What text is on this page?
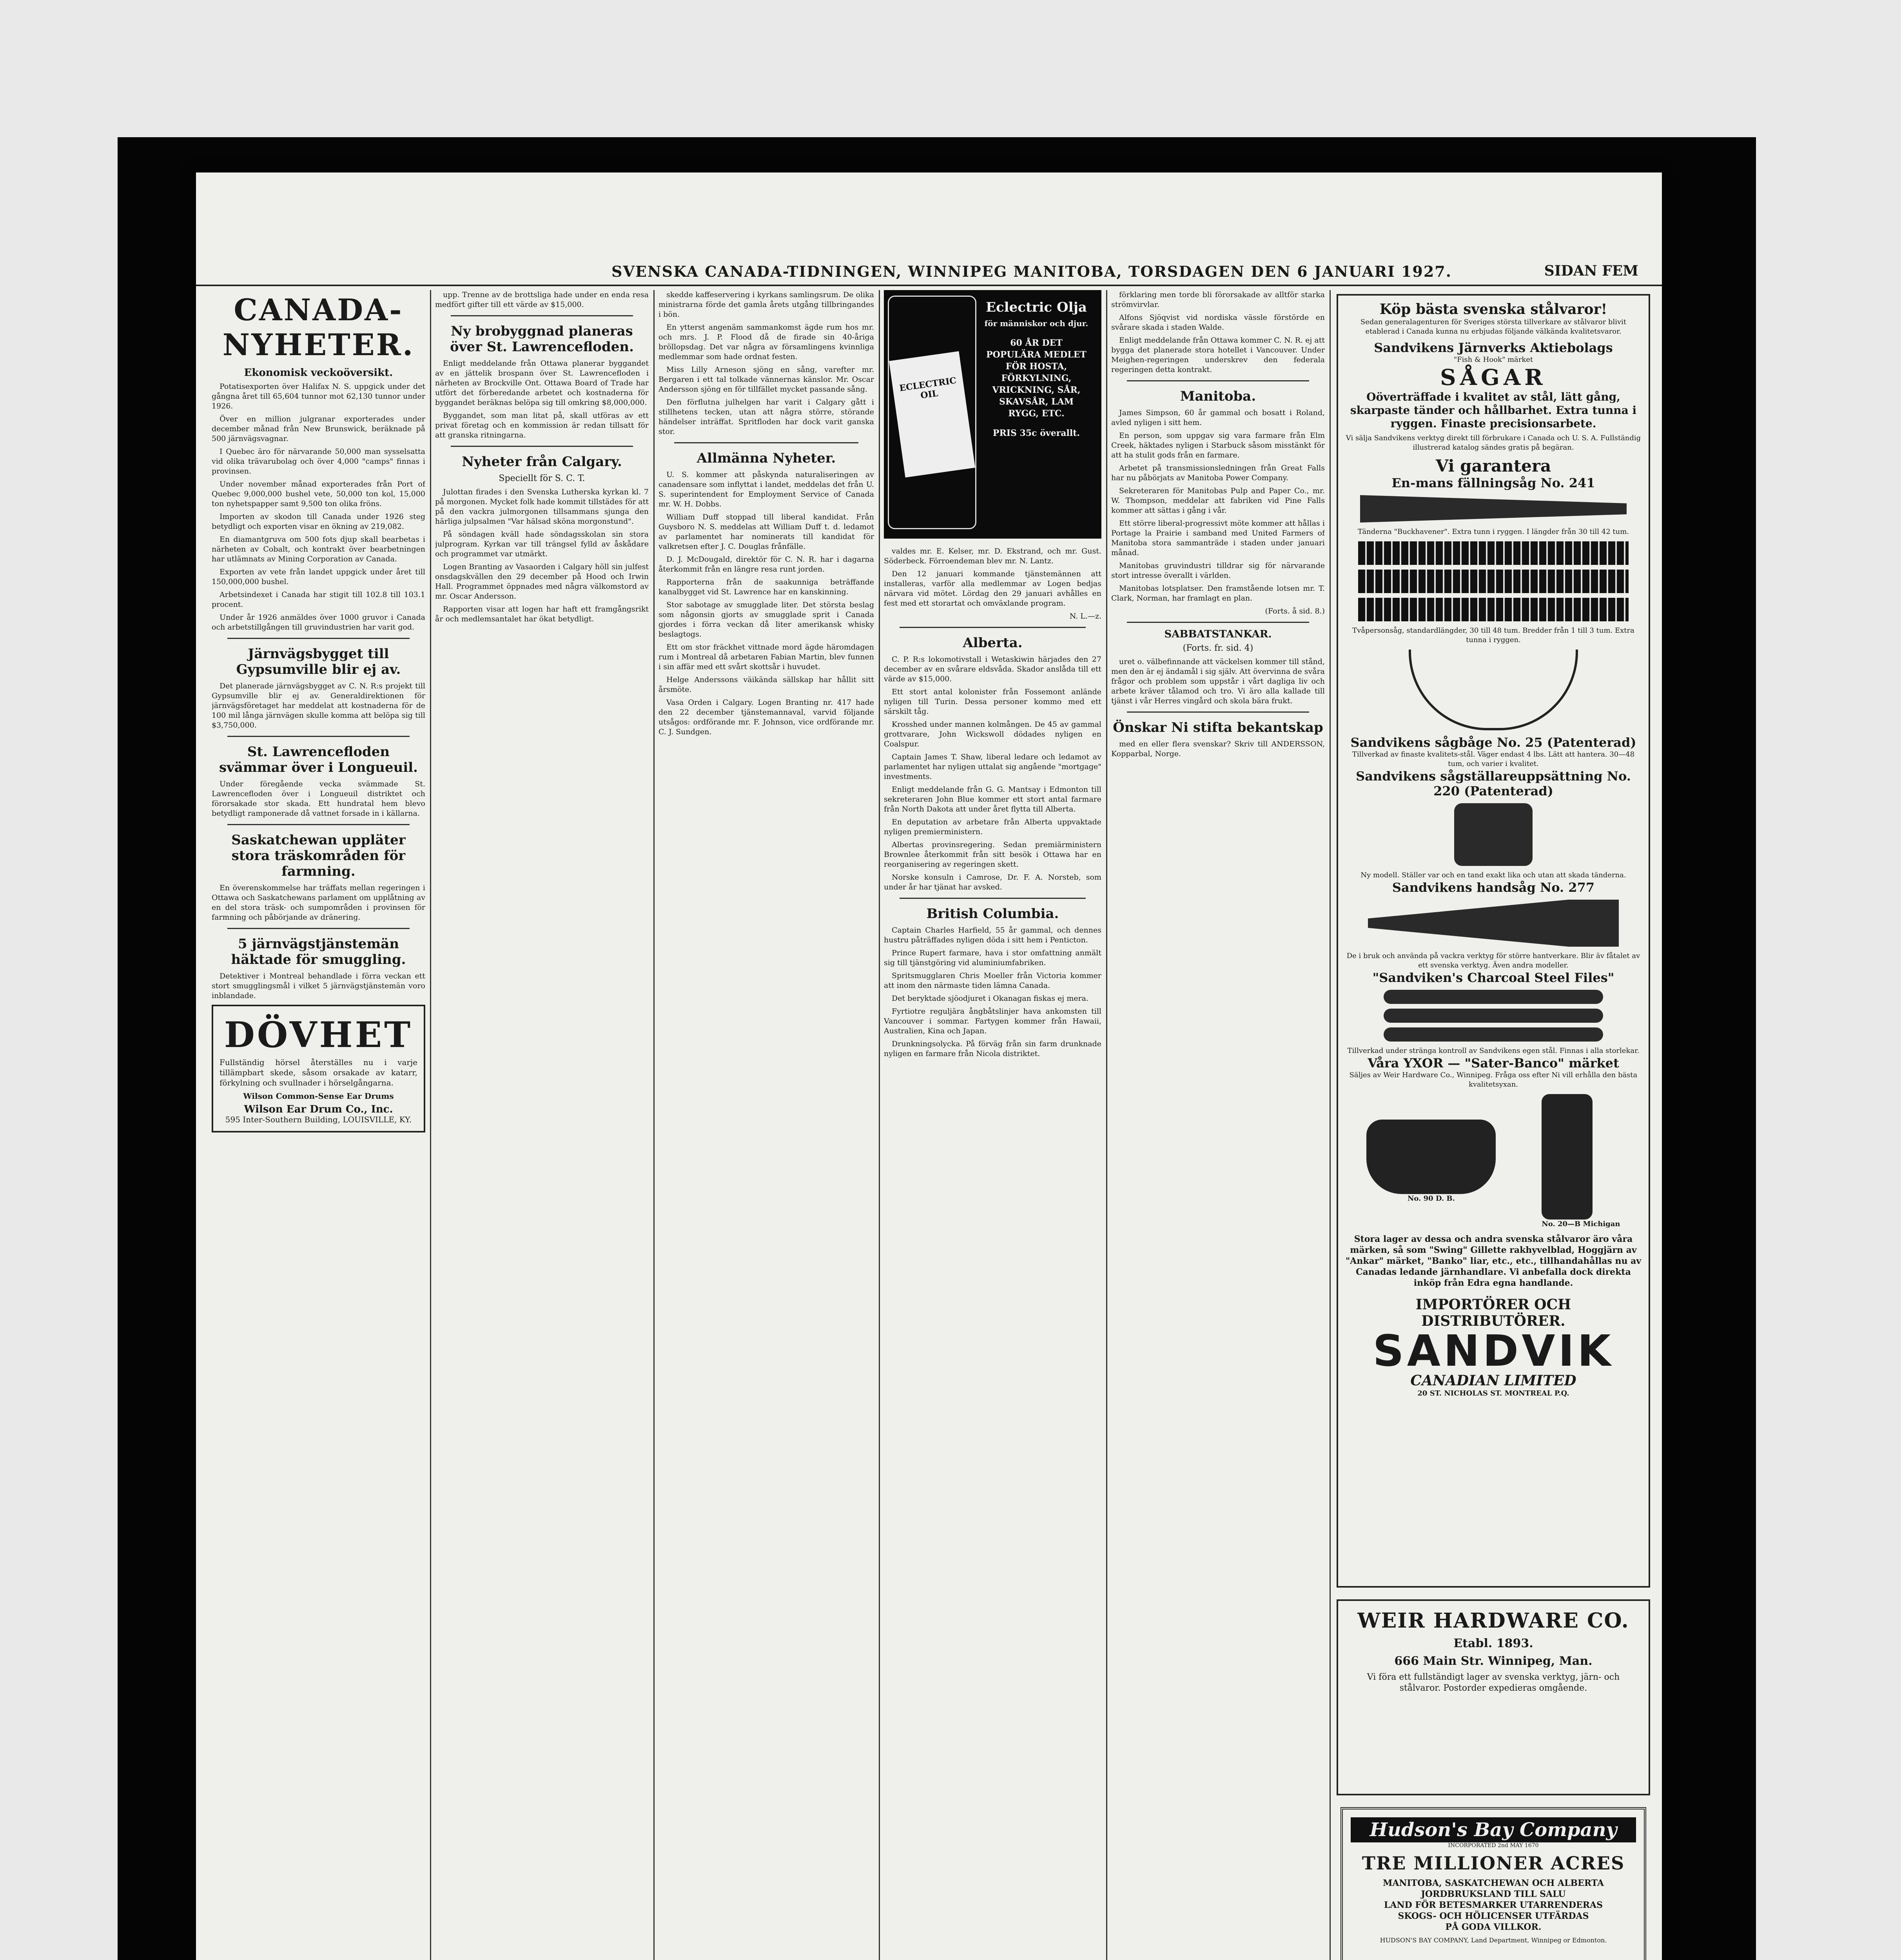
SVENSKA CANADA-TIDNINGEN, WINNIPEG MANITOBA, TORSDAGEN DEN 6 JANUARI 1927.	SIDAN FEM
CANADA-NYHETER.
Ekonomisk veckoöversikt.

Potatisexporten över Halifax N. S. uppgick under det gångna året till 65,604 tunnor mot 62,130 tunnor under 1926.

Över en million julgranar exporterades under december månad från New Brunswick, beräknade på 500 järnvägsvagnar.

I Quebec äro för närvarande 50,000 man sysselsatta vid olika trävarubolag och över 4,000 "camps" finnas i provinsen.

Under november månad exporterades från Port of Quebec 9,000,000 bushel vete, 50,000 ton kol, 15,000 ton nyhetspapper samt 9,500 ton olika fröns.

Importen av skodon till Canada under 1926 steg betydligt och exporten visar en ökning av 219,082.

En diamantgruva om 500 fots djup skall bearbetas i närheten av Cobalt, och kontrakt över bearbetningen har utlämnats av Mining Corporation av Canada.

Exporten av vete från landet uppgick under året till 150,000,000 bushel.

Arbetsindexet i Canada har stigit till 102.8 till 103.1 procent.

Under år 1926 anmäldes över 1000 gruvor i Canada och arbetstillgången till gruvindustrien har varit god.

Järnvägsbygget till Gypsumville blir ej av.

Det planerade järnvägsbygget av C. N. R:s projekt till Gypsumville blir ej av. Generaldirektionen för järnvägsföretaget har meddelat att kostnaderna för de 100 mil långa järnvägen skulle komma att belöpa sig till $3,750,000.

St. Lawrencefloden svämmar över i Longueuil.

Under föregående vecka svämmade St. Lawrencefloden över i Longueuil distriktet och förorsakade stor skada. Ett hundratal hem blevo betydligt ramponerade då vattnet forsade in i källarna.

Saskatchewan uppläter stora träskområden för farmning.

En överenskommelse har träffats mellan regeringen i Ottawa och Saskatchewans parlament om upplåtning av en del stora träsk- och sumpområden i provinsen för farmning och påbörjande av dränering.

5 järnvägstjänstemän häktade för smuggling.

Detektiver i Montreal behandlade i förra veckan ett stort smugglingsmål i vilket 5 järnvägstjänstemän voro inblandade.

DÖVHET
Fullständig hörsel återställes nu i varje tillämpbart skede, såsom orsakade av katarr, förkylning och svullnader i hörselgångarna.
Wilson Common-Sense Ear Drums
Wilson Ear Drum Co., Inc.
595 Inter-Southern Building, LOUISVILLE, KY.

upp. Trenne av de brottsliga hade under en enda resa medfört gifter till ett värde av $15,000.

Ny brobyggnad planeras över St. Lawrencefloden.

Enligt meddelande från Ottawa planerar byggandet av en jättelik brospann över St. Lawrencefloden i närheten av Brockville Ont. Ottawa Board of Trade har utfört det förberedande arbetet och kostnaderna för byggandet beräknas belöpa sig till omkring $8,000,000.

Byggandet, som man litat på, skall utföras av ett privat företag och en kommission är redan tillsatt för att granska ritningarna.

Nyheter från Calgary.
Speciellt för S. C. T.

Julottan firades i den Svenska Lutherska kyrkan kl. 7 på morgonen. Mycket folk hade kommit tillstädes för att på den vackra julmorgonen tillsammans sjunga den härliga julpsalmen "Var hälsad sköna morgonstund".

På söndagen kväll hade söndagsskolan sin stora julprogram. Kyrkan var till trängsel fylld av åskådare och programmet var utmärkt.

Logen Branting av Vasaorden i Calgary höll sin julfest onsdagskvällen den 29 december på Hood och Irwin Hall. Programmet öppnades med några välkomstord av mr. Oscar Andersson.

Rapporten visar att logen har haft ett framgångsrikt år och medlemsantalet har ökat betydligt.

skedde kaffeservering i kyrkans samlingsrum. De olika ministrarna förde det gamla årets utgång tillbringandes i bön.

En ytterst angenäm sammankomst ägde rum hos mr. och mrs. J. P. Flood då de firade sin 40-åriga bröllopsdag. Det var några av församlingens kvinnliga medlemmar som hade ordnat festen.

Miss Lilly Arneson sjöng en sång, varefter mr. Bergaren i ett tal tolkade vännernas känslor. Mr. Oscar Andersson sjöng en för tillfället mycket passande sång.

Den förflutna julhelgen har varit i Calgary gått i stillhetens tecken, utan att några större, störande händelser inträffat. Spritfloden har dock varit ganska stor.

Allmänna Nyheter.

U. S. kommer att påskynda naturaliseringen av canadensare som inflyttat i landet, meddelas det från U. S. superintendent for Employment Service of Canada mr. W. H. Dobbs.

William Duff stoppad till liberal kandidat. Från Guysboro N. S. meddelas att William Duff t. d. ledamot av parlamentet har nominerats till kandidat för valkretsen efter J. C. Douglas frånfälle.

D. J. McDougald, direktör för C. N. R. har i dagarna återkommit från en längre resa runt jorden.

Rapporterna från de saakunniga beträffande kanalbygget vid St. Lawrence har en kanskinning.

Stor sabotage av smugglade liter. Det största beslag som någonsin gjorts av smugglade sprit i Canada gjordes i förra veckan då liter amerikansk whisky beslagtogs.

Ett om stor fräckhet vittnade mord ägde häromdagen rum i Montreal då arbetaren Fabian Martin, blev funnen i sin affär med ett svårt skottsår i huvudet.

Helge Anderssons väikända sällskap har hållit sitt årsmöte.

Vasa Orden i Calgary. Logen Branting nr. 417 hade den 22 december tjänstemannaval, varvid följande utsågos: ordförande mr. F. Johnson, vice ordförande mr. C. J. Sundgen.

ECLECTRIC OIL
Eclectric Olja
för människor och djur.
60 ÅR DET POPULÄRA MEDLET FÖR HOSTA, FÖRKYLNING, VRICKNING, SÅR, SKAVSÅR, LAM RYGG, ETC.
PRIS 35c överallt.

valdes mr. E. Kelser, mr. D. Ekstrand, och mr. Gust. Söderbeck. Förroendeman blev mr. N. Lantz.

Den 12 januari kommande tjänstemännen att installeras, varför alla medlemmar av Logen bedjas närvara vid mötet. Lördag den 29 januari avhålles en fest med ett storartat och omväxlande program.

N. L.—z.

Alberta.

C. P. R:s lokomotivstall i Wetaskiwin härjades den 27 december av en svårare eldsvåda. Skador anslåda till ett värde av $15,000.

Ett stort antal kolonister från Fossemont anlände nyligen till Turin. Dessa personer kommo med ett särskilt tåg.

Krosshed under mannen kolmången. De 45 av gammal grottvarare, John Wickswoll dödades nyligen en Coalspur.

Captain James T. Shaw, liberal ledare och ledamot av parlamentet har nyligen uttalat sig angående "mortgage" investments.

Enligt meddelande från G. G. Mantsay i Edmonton till sekreteraren John Blue kommer ett stort antal farmare från North Dakota att under året flytta till Alberta.

En deputation av arbetare från Alberta uppvaktade nyligen premierministern.

Albertas provinsregering. Sedan premiärministern Brownlee återkommit från sitt besök i Ottawa har en reorganisering av regeringen skett.

Norske konsuln i Camrose, Dr. F. A. Norsteb, som under år har tjänat har avsked.

British Columbia.

Captain Charles Harfield, 55 år gammal, och dennes hustru påträffades nyligen döda i sitt hem i Penticton.

Prince Rupert farmare, hava i stor omfattning anmält sig till tjänstgöring vid aluminiumfabriken.

Spritsmugglaren Chris Moeller från Victoria kommer att inom den närmaste tiden lämna Canada.

Det beryktade sjöodjuret i Okanagan fiskas ej mera.

Fyrtiotre reguljära ångbåtslinjer hava ankomsten till Vancouver i sommar. Fartygen kommer från Hawaii, Australien, Kina och Japan.

Drunkningsolycka. På förväg från sin farm drunknade nyligen en farmare från Nicola distriktet.

förklaring men torde bli förorsakade av alltför starka strömvirvlar.

Alfons Sjöqvist vid nordiska vässle förstörde en svårare skada i staden Walde.

Enligt meddelande från Ottawa kommer C. N. R. ej att bygga det planerade stora hotellet i Vancouver. Under Meighen-regeringen underskrev den federala regeringen detta kontrakt.

Manitoba.

James Simpson, 60 år gammal och bosatt i Roland, avled nyligen i sitt hem.

En person, som uppgav sig vara farmare från Elm Creek, häktades nyligen i Starbuck såsom misstänkt för att ha stulit gods från en farmare.

Arbetet på transmissionsledningen från Great Falls har nu påbörjats av Manitoba Power Company.

Sekreteraren för Manitobas Pulp and Paper Co., mr. W. Thompson, meddelar att fabriken vid Pine Falls kommer att sättas i gång i vår.

Ett större liberal-progressivt möte kommer att hållas i Portage la Prairie i samband med United Farmers of Manitoba stora sammanträde i staden under januari månad.

Manitobas gruvindustri tilldrar sig för närvarande stort intresse överallt i världen.

Manitobas lotsplatser. Den framstående lotsen mr. T. Clark, Norman, har framlagt en plan.

(Forts. å sid. 8.)

SABBATSTANKAR.
(Forts. fr. sid. 4)

uret o. välbefinnande att väckelsen kommer till stånd, men den är ej ändamål i sig själv. Att övervinna de svåra frågor och problem som uppstår i vårt dagliga liv och arbete kräver tålamod och tro. Vi äro alla kallade till tjänst i vår Herres vingård och skola bära frukt.

Önskar Ni stifta bekantskap

med en eller flera svenskar? Skriv till ANDERSSON, Kopparbal, Norge.

Köp bästa svenska stålvaror!
Sedan generalagenturen för Sveriges största tillverkare av stålvaror blivit etablerad i Canada kunna nu erbjudas följande välkända kvalitetsvaror.
Sandvikens Järnverks Aktiebolags
"Fish & Hook" märket
SÅGAR
Oöverträffade i kvalitet av stål, lätt gång, skarpaste tänder och hållbarhet. Extra tunna i ryggen. Finaste precisionsarbete.
Vi sälja Sandvikens verktyg direkt till förbrukare i Canada och U. S. A. Fullständig illustrerad katalog sändes gratis på begäran.
Vi garantera
En-mans fällningsåg No. 241
Tänderna "Buckhavener". Extra tunn i ryggen. I längder från 30 till 42 tum.
Tvåpersonsåg, standardlängder, 30 till 48 tum. Bredder från 1 till 3 tum. Extra tunna i ryggen.
Sandvikens sågbåge No. 25 (Patenterad)
Tillverkad av finaste kvalitets-stål. Väger endast 4 lbs. Lätt att hantera. 30—48 tum, och varier i kvalitet.
Sandvikens sågställareuppsättning No. 220 (Patenterad)
Ny modell. Ställer var och en tand exakt lika och utan att skada tänderna.
Sandvikens handsåg No. 277
De i bruk och använda på vackra verktyg för större hantverkare. Blir äv fåtalet av ett svenska verktyg. Även andra modeller.
"Sandviken's Charcoal Steel Files"
Tillverkad under stränga kontroll av Sandvikens egen stål. Finnas i alla storlekar.
Våra YXOR — "Sater-Banco" märket
Säljes av Weir Hardware Co., Winnipeg. Fråga oss efter Ni vill erhålla den bästa kvalitetsyxan.
No. 90 D. B.
No. 20—B Michigan
Stora lager av dessa och andra svenska stålvaror äro våra märken, så som "Swing" Gillette rakhyvelblad, Hoggjärn av "Ankar" märket, "Banko" liar, etc., etc., tillhandahållas nu av Canadas ledande järnhandlare. Vi anbefalla dock direkta inköp från Edra egna handlande.
IMPORTÖRER OCH DISTRIBUTÖRER.
SANDVIK
CANADIAN LIMITED
20 ST. NICHOLAS ST. MONTREAL P.Q.
WEIR HARDWARE CO.
Etabl. 1893.
666 Main Str. Winnipeg, Man.
Vi föra ett fullständigt lager av svenska verktyg, järn- och stålvaror. Postorder expedieras omgående.
Hudson's Bay Company
INCORPORATED 2nd MAY 1670
TRE MILLIONER ACRES
MANITOBA, SASKATCHEWAN OCH ALBERTA
JORDBRUKSLAND TILL SALU
LAND FÖR BETESMARKER UTARRENDERAS
SKOGS- OCH HÖLICENSER UTFÄRDAS
PÅ GODA VILLKOR.
HUDSON'S BAY COMPANY, Land Department, Winnipeg or Edmonton.
